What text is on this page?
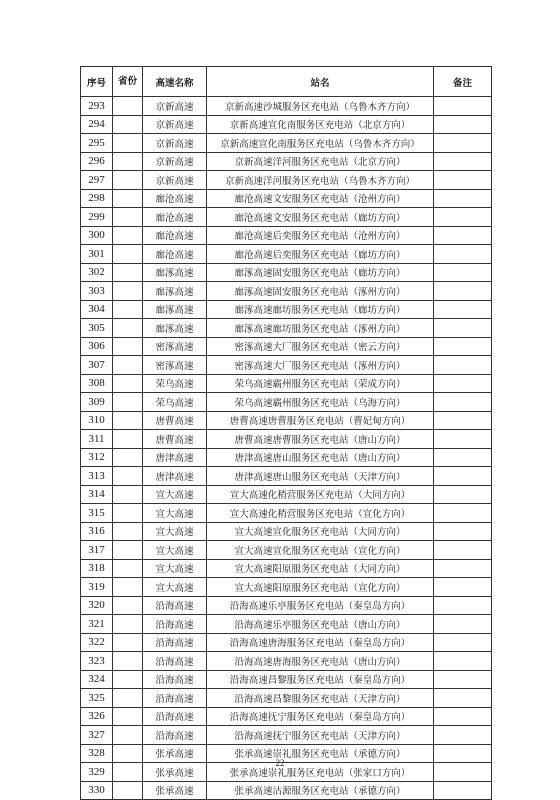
序号	省份	高速名称	站名	备注
293		京新高速	京新高速沙城服务区充电站（乌鲁木齐方向）	
294		京新高速	京新高速宣化南服务区充电站（北京方向）	
295		京新高速	京新高速宣化南服务区充电站（乌鲁木齐方向）	
296		京新高速	京新高速洋河服务区充电站（北京方向）	
297		京新高速	京新高速洋河服务区充电站（乌鲁木齐方向）	
298		廊沧高速	廊沧高速文安服务区充电站（沧州方向）	
299		廊沧高速	廊沧高速文安服务区充电站（廊坊方向）	
300		廊沧高速	廊沧高速后奕服务区充电站（沧州方向）	
301		廊沧高速	廊沧高速后奕服务区充电站（廊坊方向）	
302		廊涿高速	廊涿高速固安服务区充电站（廊坊方向）	
303		廊涿高速	廊涿高速固安服务区充电站（涿州方向）	
304		廊涿高速	廊涿高速廊坊服务区充电站（廊坊方向）	
305		廊涿高速	廊涿高速廊坊服务区充电站（涿州方向）	
306		密涿高速	密涿高速大厂服务区充电站（密云方向）	
307		密涿高速	密涿高速大厂服务区充电站（涿州方向）	
308		荣乌高速	荣乌高速霸州服务区充电站（荣成方向）	
309		荣乌高速	荣乌高速霸州服务区充电站（乌海方向）	
310		唐曹高速	唐曹高速唐曹服务区充电站（曹妃甸方向）	
311		唐曹高速	唐曹高速唐曹服务区充电站（唐山方向）	
312		唐津高速	唐津高速唐山服务区充电站（唐山方向）	
313		唐津高速	唐津高速唐山服务区充电站（天津方向）	
314		宣大高速	宣大高速化稍营服务区充电站（大同方向）	
315		宣大高速	宣大高速化稍营服务区充电站（宣化方向）	
316		宣大高速	宣大高速宣化服务区充电站（大同方向）	
317		宣大高速	宣大高速宣化服务区充电站（宣化方向）	
318		宣大高速	宣大高速阳原服务区充电站（大同方向）	
319		宣大高速	宣大高速阳原服务区充电站（宣化方向）	
320		沿海高速	沿海高速乐亭服务区充电站（秦皇岛方向）	
321		沿海高速	沿海高速乐亭服务区充电站（唐山方向）	
322		沿海高速	沿海高速唐海服务区充电站（秦皇岛方向）	
323		沿海高速	沿海高速唐海服务区充电站（唐山方向）	
324		沿海高速	沿海高速昌黎服务区充电站（秦皇岛方向）	
325		沿海高速	沿海高速昌黎服务区充电站（天津方向）	
326		沿海高速	沿海高速抚宁服务区充电站（秦皇岛方向）	
327		沿海高速	沿海高速抚宁服务区充电站（天津方向）	
328		张承高速	张承高速崇礼服务区充电站（承德方向）	
329		张承高速	张承高速崇礼服务区充电站（张家口方向）	
330		张承高速	张承高速沽源服务区充电站（承德方向）	
22
